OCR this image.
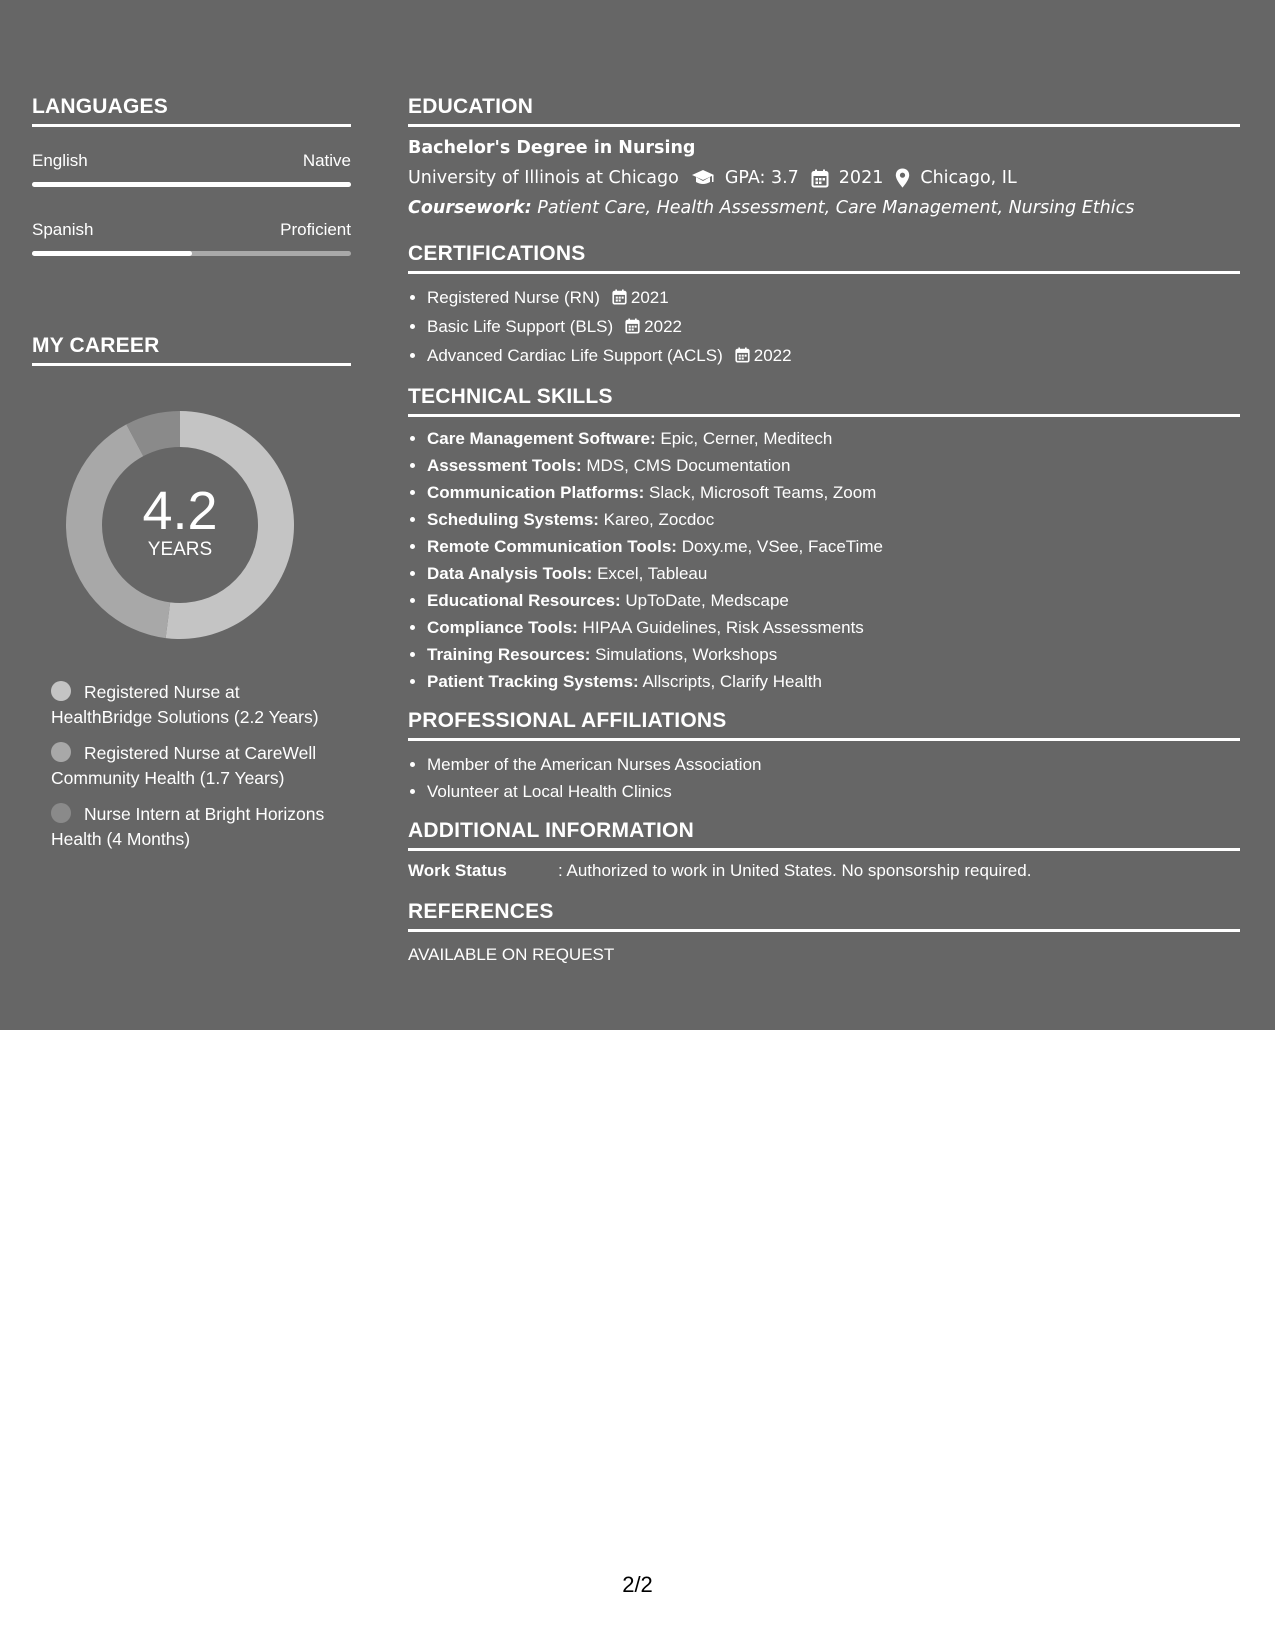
LANGUAGES
English	Native
Spanish	Proficient
MY CAREER
4.2
YEARS
Registered Nurse at HealthBridge Solutions (2.2 Years)
Registered Nurse at CareWell Community Health (1.7 Years)
Nurse Intern at Bright Horizons Health (4 Months)
EDUCATION
Bachelor's Degree in Nursing
University of Illinois at Chicago	GPA: 3.7 2021 Chicago, IL
Coursework: Patient Care, Health Assessment, Care Management, Nursing Ethics
CERTIFICATIONS
• Registered Nurse (RN) 2021
• Basic Life Support (BLS) 2022
• Advanced Cardiac Life Support (ACLS) 2022
TECHNICAL SKILLS
• Care Management Software: Epic, Cerner, Meditech
• Assessment Tools: MDS, CMS Documentation
• Communication Platforms: Slack, Microsoft Teams, Zoom
• Scheduling Systems: Kareo, Zocdoc
• Remote Communication Tools: Doxy.me, VSee, FaceTime
• Data Analysis Tools: Excel, Tableau
• Educational Resources: UpToDate, Medscape
• Compliance Tools: HIPAA Guidelines, Risk Assessments
• Training Resources: Simulations, Workshops
• Patient Tracking Systems: Allscripts, Clarify Health
PROFESSIONAL AFFILIATIONS
• Member of the American Nurses Association
• Volunteer at Local Health Clinics
ADDITIONAL INFORMATION
Work Status	: Authorized to work in United States. No sponsorship required.
REFERENCES
AVAILABLE ON REQUEST
2/2
